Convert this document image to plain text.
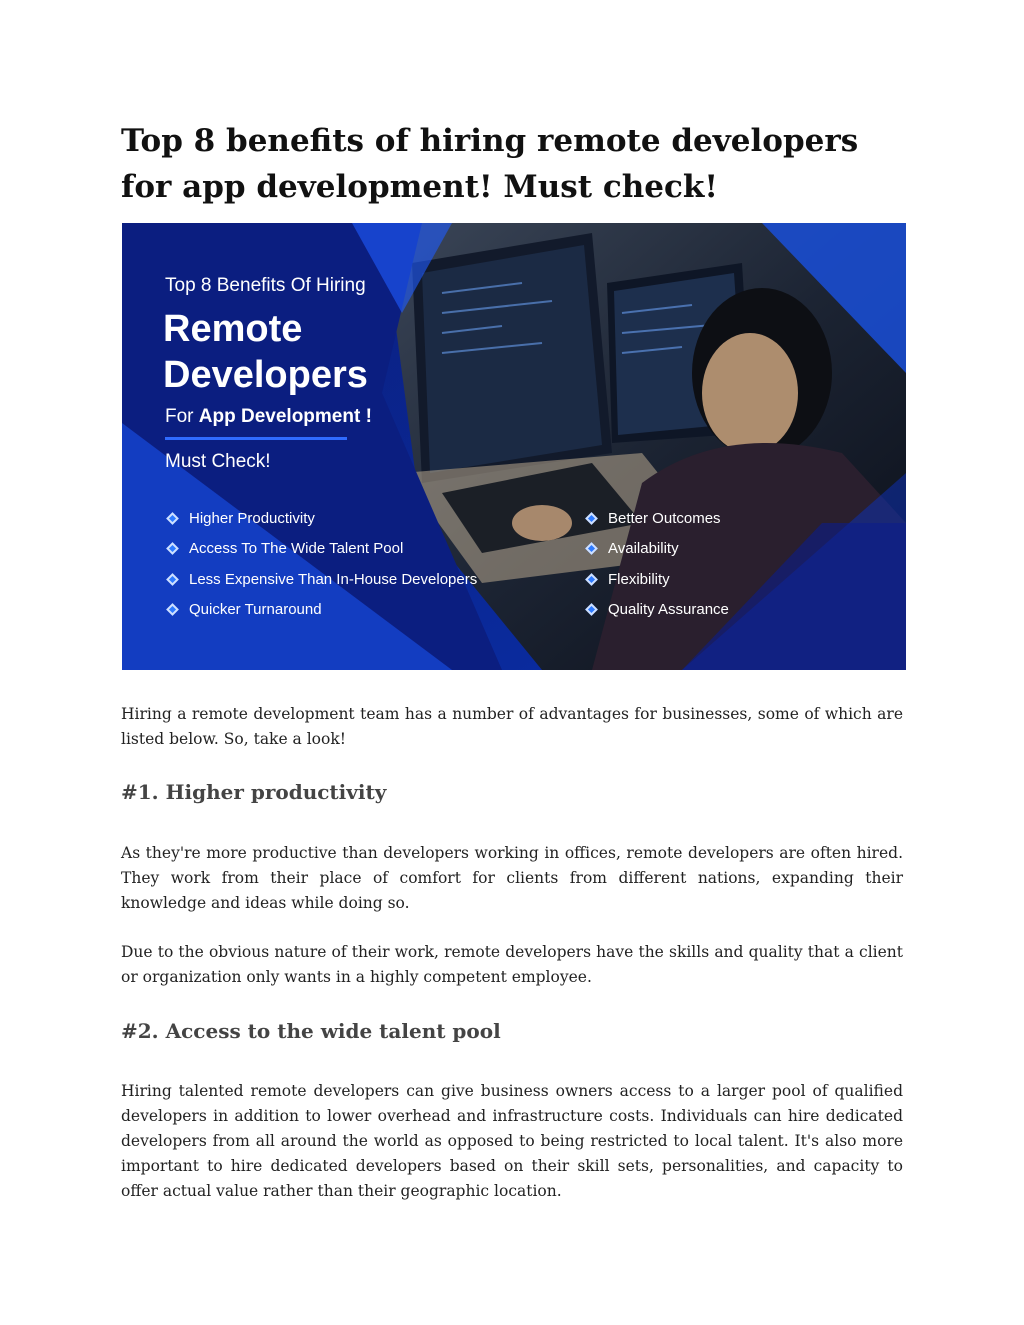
Top 8 benefits of hiring remote developers for app development! Must check!
Top 8 Benefits Of Hiring
Remote
Developers
For App Development !
Must Check!
Higher Productivity
Access To The Wide Talent Pool
Less Expensive Than In-House Developers
Quicker Turnaround
Better Outcomes
Availability
Flexibility
Quality Assurance

Hiring a remote development team has a number of advantages for businesses, some of which are listed below. So, take a look!

#1. Higher productivity

As they're more productive than developers working in offices, remote developers are often hired. They work from their place of comfort for clients from different nations, expanding their knowledge and ideas while doing so.

Due to the obvious nature of their work, remote developers have the skills and quality that a client or organization only wants in a highly competent employee.

#2. Access to the wide talent pool

Hiring talented remote developers can give business owners access to a larger pool of qualified developers in addition to lower overhead and infrastructure costs. Individuals can hire dedicated developers from all around the world as opposed to being restricted to local talent. It's also more important to hire dedicated developers based on their skill sets, personalities, and capacity to offer actual value rather than their geographic location.
